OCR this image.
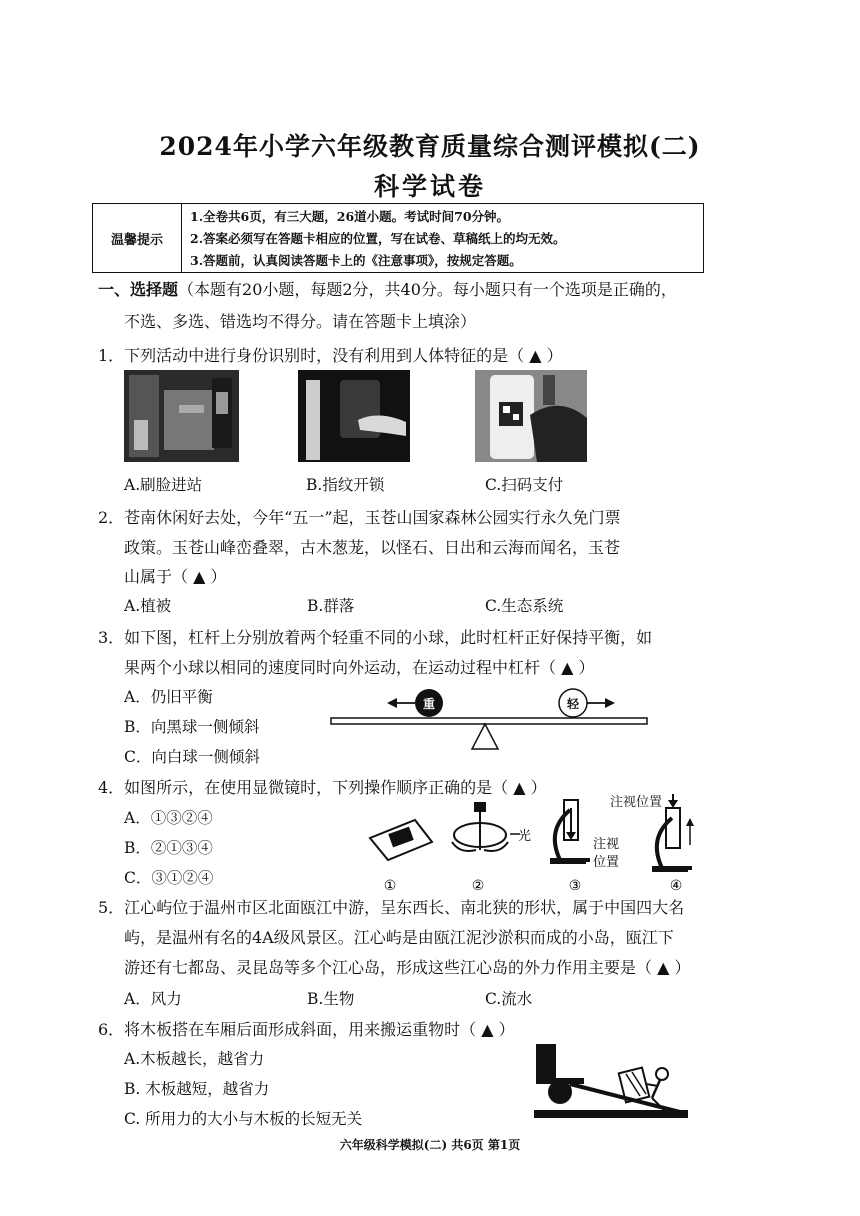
2024年小学六年级教育质量综合测评模拟(二)
科学试卷
温馨提示
1.全卷共6页，有三大题，26道小题。考试时间70分钟。
2.答案必须写在答题卡相应的位置，写在试卷、草稿纸上的均无效。
3.答题前，认真阅读答题卡上的《注意事项》，按规定答题。
一、选择题（本题有20小题，每题2分，共40分。每小题只有一个选项是正确的，
不选、多选、错选均不得分。请在答题卡上填涂）
1．下列活动中进行身份识别时，没有利用到人体特征的是（ ▲ ）
A.刷脸进站	B.指纹开锁	C.扫码支付
2．苍南休闲好去处，今年“五一”起，玉苍山国家森林公园实行永久免门票
政策。玉苍山峰峦叠翠，古木葱茏，以怪石、日出和云海而闻名，玉苍
山属于（ ▲ ）
A.植被	B.群落	C.生态系统
3．如下图，杠杆上分别放着两个轻重不同的小球，此时杠杆正好保持平衡，如
果两个小球以相同的速度同时向外运动，在运动过程中杠杆（ ▲ ）
A．仍旧平衡
B．向黑球一侧倾斜
C．向白球一侧倾斜
重	轻
4．如图所示，在使用显微镜时，下列操作顺序正确的是（ ▲ ）
A．①③②④
B．②①③④
C．③①②④
光
注视
位置
①	②	③	④
注视位置
5．江心屿位于温州市区北面瓯江中游，呈东西长、南北狭的形状，属于中国四大名
屿，是温州有名的4A级风景区。江心屿是由瓯江泥沙淤积而成的小岛，瓯江下
游还有七都岛、灵昆岛等多个江心岛，形成这些江心岛的外力作用主要是（ ▲ ）
A．风力	B.生物	C.流水
6．将木板搭在车厢后面形成斜面，用来搬运重物时（ ▲ ）
A.木板越长，越省力
B. 木板越短，越省力
C. 所用力的大小与木板的长短无关
六年级科学模拟(二) 共6页 第1页
